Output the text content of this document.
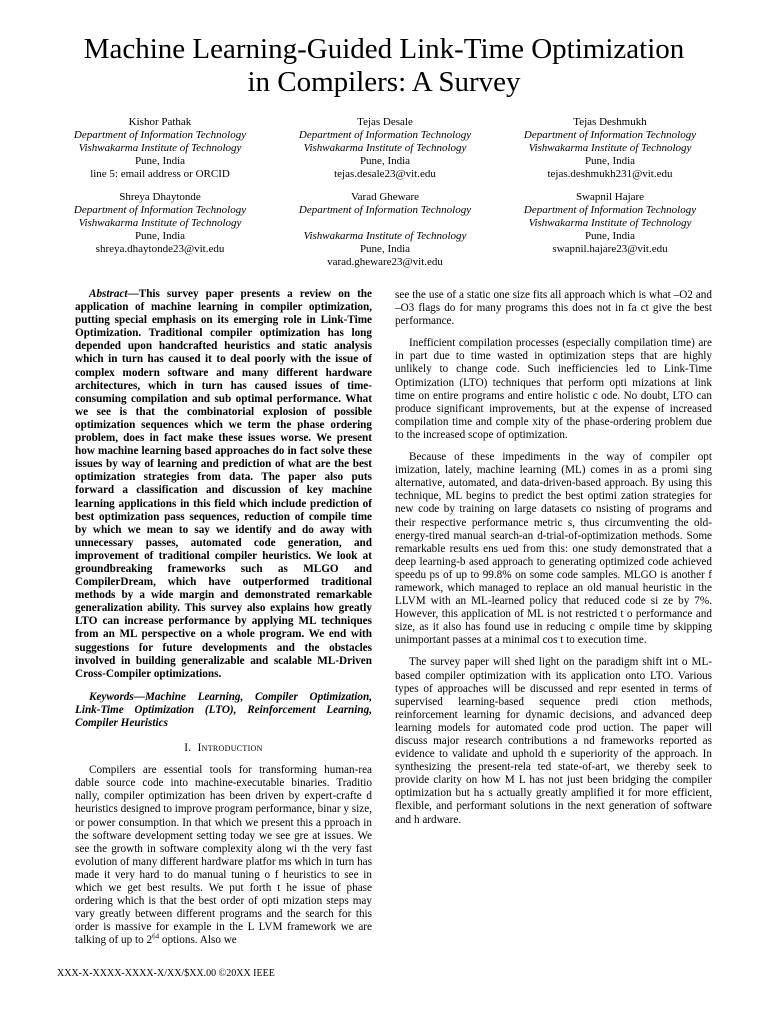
Machine Learning-Guided Link-Time Optimization
in Compilers: A Survey
Kishor Pathak
Department of Information Technology
Vishwakarma Institute of Technology
Pune, India
line 5: email address or ORCID
Tejas Desale
Department of Information Technology
Vishwakarma Institute of Technology
Pune, India
tejas.desale23@vit.edu
Tejas Deshmukh
Department of Information Technology
Vishwakarma Institute of Technology
Pune, India
tejas.deshmukh231@vit.edu
Shreya Dhaytonde
Department of Information Technology
Vishwakarma Institute of Technology
Pune, India
shreya.dhaytonde23@vit.edu
Varad Gheware
Department of Information Technology
Vishwakarma Institute of Technology
Pune, India
varad.gheware23@vit.edu
Swapnil Hajare
Department of Information Technology
Vishwakarma Institute of Technology
Pune, India
swapnil.hajare23@vit.edu

Abstract—This survey paper presents a review on the application of machine learning in compiler optimization, putting special emphasis on its emerging role in Link-Time Optimization. Traditional compiler optimization has long depended upon handcrafted heuristics and static analysis which in turn has caused it to deal poorly with the issue of complex modern software and many different hardware architectures, which in turn has caused issues of time-consuming compilation and sub optimal performance. What we see is that the combinatorial explosion of possible optimization sequences which we term the phase ordering problem, does in fact make these issues worse. We present how machine learning based approaches do in fact solve these issues by way of learning and prediction of what are the best optimization strategies from data. The paper also puts forward a classification and discussion of key machine learning applications in this field which include prediction of best optimization pass sequences, reduction of compile time by which we mean to say we identify and do away with unnecessary passes, automated code generation, and improvement of traditional compiler heuristics. We look at groundbreaking frameworks such as MLGO and CompilerDream, which have outperformed traditional methods by a wide margin and demonstrated remarkable generalization ability. This survey also explains how greatly LTO can increase performance by applying ML techniques from an ML perspective on a whole program. We end with suggestions for future developments and the obstacles involved in building generalizable and scalable ML-Driven Cross-Compiler optimizations.

Keywords—Machine Learning, Compiler Optimization, Link-Time Optimization (LTO), Reinforcement Learning, Compiler Heuristics

I. Introduction

Compilers are essential tools for transforming human-rea dable source code into machine-executable binaries. Traditio nally, compiler optimization has been driven by expert-crafte d heuristics designed to improve program performance, binar y size, or power consumption. In that which we present this a pproach in the software development setting today we see gre at issues. We see the growth in software complexity along wi th the very fast evolution of many different hardware platfor ms which in turn has made it very hard to do manual tuning o f heuristics to see in which we get best results. We put forth t he issue of phase ordering which is that the best order of opti mization steps may vary greatly between different programs and the search for this order is massive for example in the L LVM framework we are talking of up to $2^{64}$ options. Also we

see the use of a static one size fits all approach which is what –O2 and –O3 flags do for many programs this does not in fa ct give the best performance.

Inefficient compilation processes (especially compilation time) are in part due to time wasted in optimization steps that are highly unlikely to change code. Such inefficiencies led to Link-Time Optimization (LTO) techniques that perform opti mizations at link time on entire programs and entire holistic c ode. No doubt, LTO can produce significant improvements, but at the expense of increased compilation time and comple xity of the phase-ordering problem due to the increased scope of optimization.

Because of these impediments in the way of compiler opt imization, lately, machine learning (ML) comes in as a promi sing alternative, automated, and data-driven-based approach. By using this technique, ML begins to predict the best optimi zation strategies for new code by training on large datasets co nsisting of programs and their respective performance metric s, thus circumventing the old-energy-tired manual search-an d-trial-of-optimization methods. Some remarkable results ens ued from this: one study demonstrated that a deep learning-b ased approach to generating optimized code achieved speedu ps of up to 99.8% on some code samples. MLGO is another f ramework, which managed to replace an old manual heuristic in the LLVM with an ML-learned policy that reduced code si ze by 7%. However, this application of ML is not restricted t o performance and size, as it also has found use in reducing c ompile time by skipping unimportant passes at a minimal cos t to execution time.

The survey paper will shed light on the paradigm shift int o ML-based compiler optimization with its application onto LTO. Various types of approaches will be discussed and repr esented in terms of supervised learning-based sequence predi ction methods, reinforcement learning for dynamic decisions, and advanced deep learning models for automated code prod uction. The paper will discuss major research contributions a nd frameworks reported as evidence to validate and uphold th e superiority of the approach. In synthesizing the present-rela ted state-of-art, we thereby seek to provide clarity on how M L has not just been bridging the compiler optimization but ha s actually greatly amplified it for more efficient, flexible, and performant solutions in the next generation of software and h ardware.

XXX-X-XXXX-XXXX-X/XX/$XX.00 ©20XX IEEE
